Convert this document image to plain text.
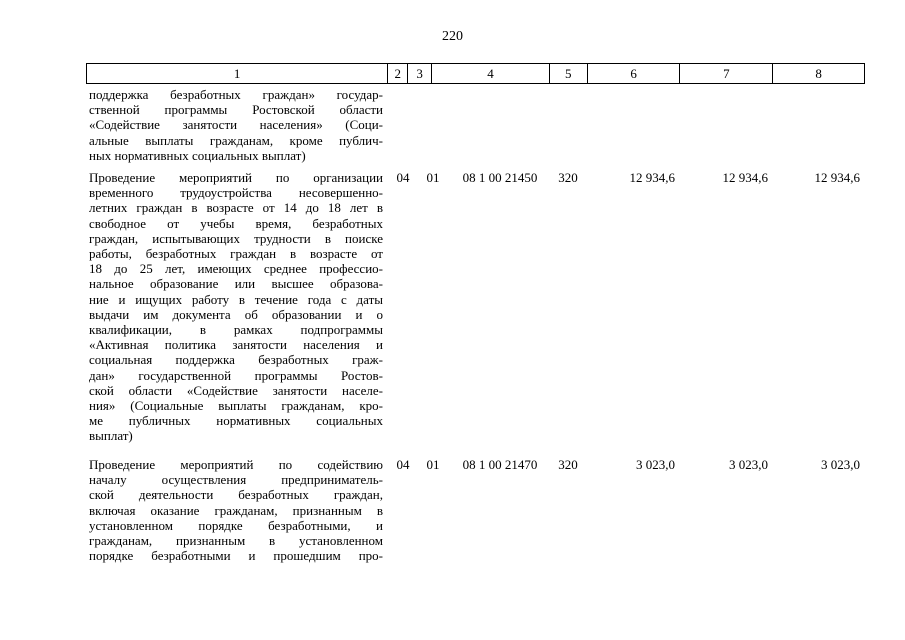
220
1	2	3	4	5	6	7	8
поддержка безработных граждан» государ-
ственной программы Ростовской области
«Содействие занятости населения» (Соци-
альные выплаты гражданам, кроме публич-
ных нормативных социальных выплат)
Проведение мероприятий по организации
временного трудоустройства несовершенно-
летних граждан в возрасте от 14 до 18 лет в
свободное от учебы время, безработных
граждан, испытывающих трудности в поиске
работы, безработных граждан в возрасте от
18 до 25 лет, имеющих среднее профессио-
нальное образование или высшее образова-
ние и ищущих работу в течение года с даты
выдачи им документа об образовании и о
квалификации, в рамках подпрограммы
«Активная политика занятости населения и
социальная поддержка безработных граж-
дан» государственной программы Ростов-
ской области «Содействие занятости населе-
ния» (Социальные выплаты гражданам, кро-
ме публичных нормативных социальных
выплат)
04	01	08 1 00 21450	320	12 934,6	12 934,6	12 934,6
Проведение мероприятий по содействию
началу осуществления предприниматель-
ской деятельности безработных граждан,
включая оказание гражданам, признанным в
установленном порядке безработными, и
гражданам, признанным в установленном
порядке безработными и прошедшим про-
04	01	08 1 00 21470	320	3 023,0	3 023,0	3 023,0
